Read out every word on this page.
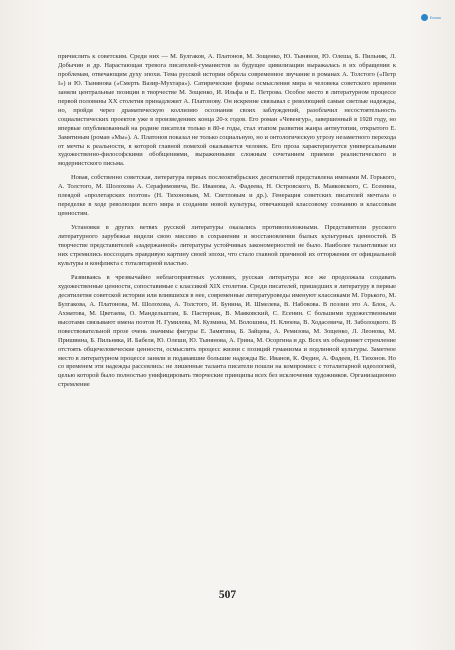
Ecross

причислить к советским. Среди них — М. Булгаков, А. Платонов, М. Зощенко, Ю. Тынянов, Ю. Олеша, Б. Пильняк, Л. Добычин и др. Нарастающая тревога писателей-гуманистов за будущее цивилизации выражалась в их обращении к проблемам, отвечающим духу эпохи. Тема русской истории обрела современное звучание в романах А. Толстого («Петр I») и Ю. Тынянова («Смерть Вазир-Мухтара»). Сатирические формы осмысления мира и человека советского времени заняли центральные позиции в творчестве М. Зощенко, И. Ильфа и Е. Петрова. Особое место в литературном процессе первой половины XX столетия принадлежит А. Платонову. Он искренне связывал с революцией самые светлые надежды, но, пройдя через драматическую коллизию осознания своих заблуждений, разоблачил несостоятельность социалистических проектов уже в произведениях конца 20-х годов. Его роман «Чевенгур», завершенный в 1928 году, но впервые опубликованный на родине писателя только в 80-е годы, стал этапом развития жанра антиутопии, открытого Е. Замятиным (роман «Мы»). А. Платонов показал не только социальную, но и онтологическую угрозу незаметного перехода от мечты к реальности, в которой главной помехой оказывается человек. Его проза характеризуется универсальными художественно-философскими обобщениями, выраженными сложным сочетанием приемов реалистического и модернистского письма.

Новая, собственно советская, литература первых послеоктябрьских десятилетий представлена именами М. Горького, А. Толстого, М. Шолохова А. Серафимовича, Вс. Иванова, А. Фадеева, Н. Островского, В. Маяковского, С. Есенина, плеядой «пролетарских поэтов» (Н. Тихоновым, М. Светловым и др.). Генерация советских писателей мечтала о переделке в ходе революции всего мира и создании новой культуры, отвечающей классовому сознанию и классовым ценностям.

Установки в других ветвях русской литературы оказались противоположными. Представители русского литературного зарубежья видели свою миссию в сохранении и восстановлении былых культурных ценностей. В творчестве представителей «задержанной» литературы устойчивых закономерностей не было. Наиболее талантливые из них стремились воссоздать правдивую картину своей эпохи, что стало главной причиной их отторжения от официальной культуры и конфликта с тоталитарной властью.

Развиваясь в чрезвычайно неблагоприятных условиях, русская литература все же продолжала создавать художественные ценности, сопоставимые с классикой XIX столетия. Среди писателей, пришедших в литературу в первые десятилетия советской истории или влившихся в нее, современные литературоведы именуют классиками М. Горького, М. Булгакова, А. Платонова, М. Шолохова, А. Толстого, И. Бунина, И. Шмелева, В. Набокова. В поэзии это А. Блок, А. Ахматова, М. Цветаева, О. Мандельштам, Б. Пастернак, В. Маяковский, С. Есенин. С большими художественными высотами связывают имена поэтов Н. Гумилева, М. Кузмина, М. Волошина, Н. Клюева, В. Ходасевича, Н. Заболоцкого. В повествовательной прозе очень значимы фигуры Е. Замятина, Б. Зайцева, А. Ремизова, М. Зощенко, Л. Леонова, М. Пришвина, Б. Пильняка, И. Бабеля, Ю. Олеши, Ю. Тынянова, А. Грина, М. Осоргина и др. Всех их объединяет стремление отстоять общечеловеческие ценности, осмыслить процесс жизни с позиций гуманизма и подлинной культуры. Заметное место в литературном процессе заняли и подававшие большие надежды Вс. Иванов, К. Федин, А. Фадеев, Н. Тихонов. Но со временем эти надежды рассеялись: не лишенные таланта писатели пошли на компромисс с тоталитарной идеологией, целью которой было полностью унифицировать творческие принципы всех без исключения художников. Организационно стремление

507
